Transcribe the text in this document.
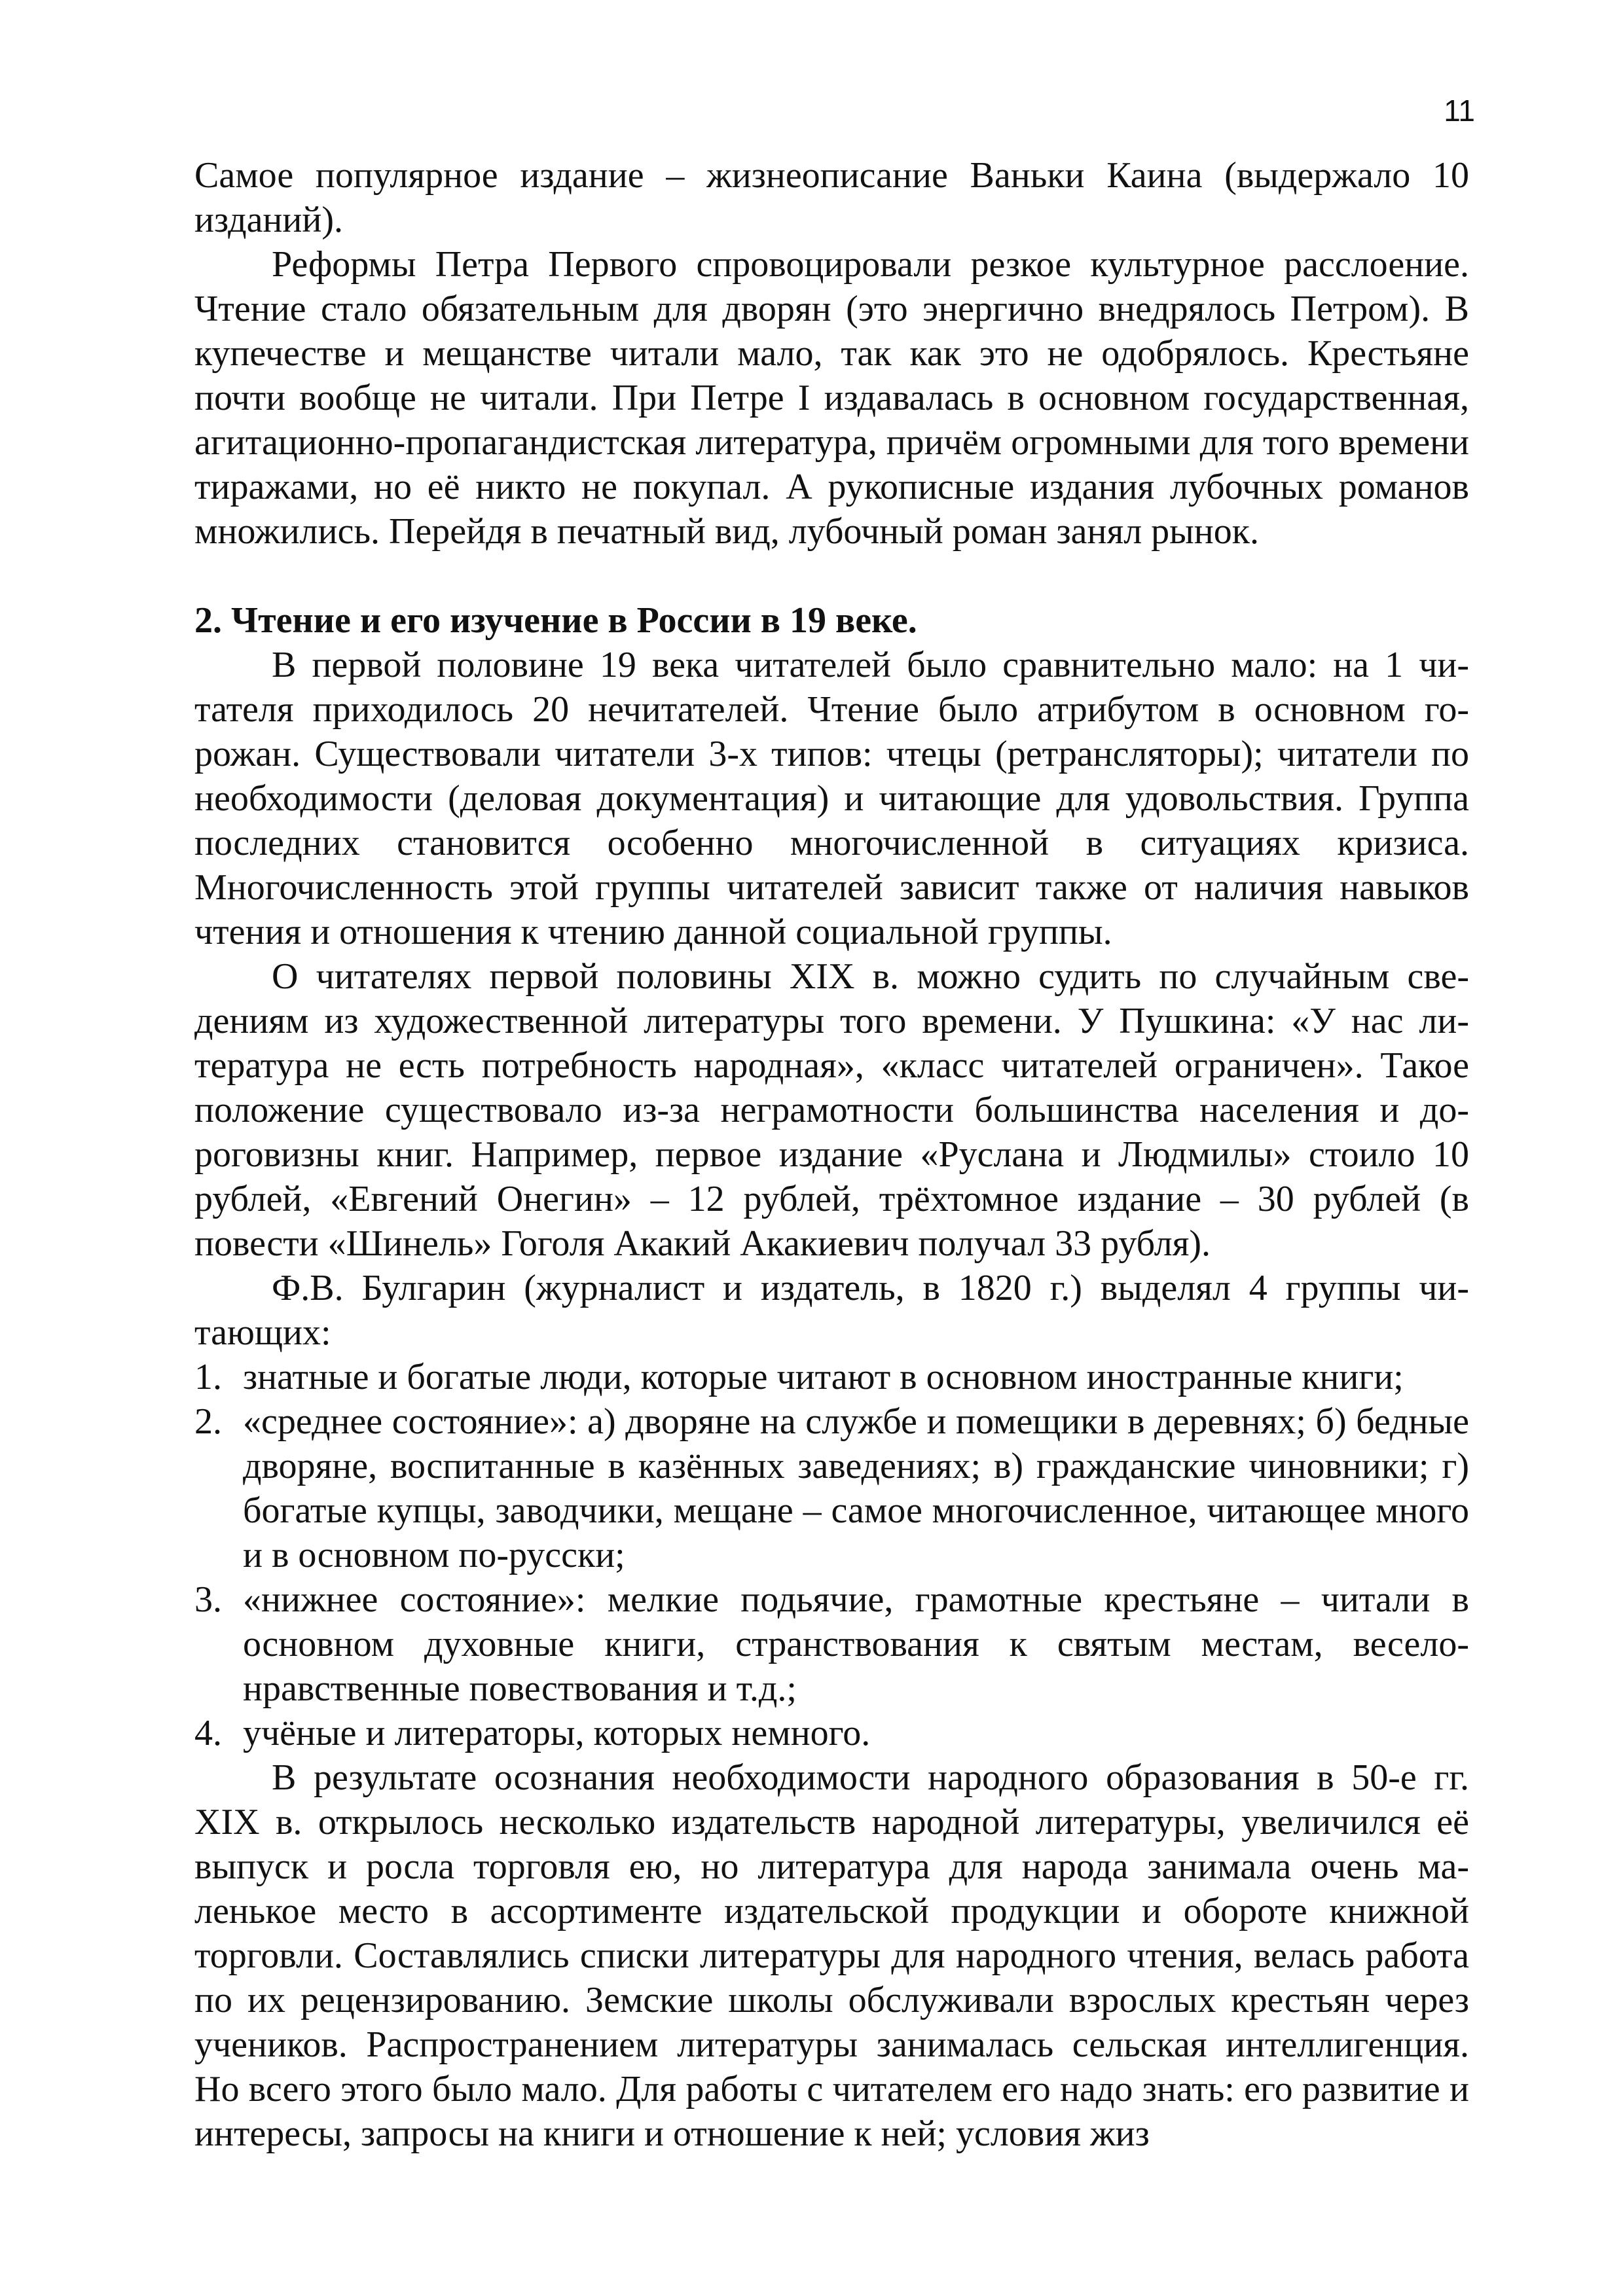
11

Самое популярное издание – жизнеописание Ваньки Каина (выдержало 10 изданий).

Реформы Петра Первого спровоцировали резкое культурное расслоение. Чтение стало обязательным для дворян (это энергично внедрялось Петром). В купечестве и мещанстве читали мало, так как это не одобрялось. Крестьяне почти вообще не читали. При Петре I издавалась в основном государственная, агитационно-пропагандистская литература, причём огромными для того времени тиражами, но её никто не покупал. А рукописные издания лубочных романов множились. Перейдя в печатный вид, лубочный роман занял рынок.

2. Чтение и его изучение в России в 19 веке.

В первой половине 19 века читателей было сравнительно мало: на 1 читателя приходилось 20 нечитателей. Чтение было атрибутом в основном горожан. Существовали читатели 3-х типов: чтецы (ретрансляторы); читатели по необходимости (деловая документация) и читающие для удовольствия. Группа последних становится особенно многочисленной в ситуациях кризиса. Многочисленность этой группы читателей зависит также от наличия навыков чтения и отношения к чтению данной социальной группы.

О читателях первой половины XIX в. можно судить по случайным сведениям из художественной литературы того времени. У Пушкина: «У нас литература не есть потребность народная», «класс читателей ограничен». Такое положение существовало из-за неграмотности большинства населения и дороговизны книг. Например, первое издание «Руслана и Людмилы» стоило 10 рублей, «Евгений Онегин» – 12 рублей, трёхтомное издание – 30 рублей (в повести «Шинель» Гоголя Акакий Акакиевич получал 33 рубля).

Ф.В. Булгарин (журналист и издатель, в 1820 г.) выделял 4 группы читающих:

1. знатные и богатые люди, которые читают в основном иностранные книги;
2. «среднее состояние»: а) дворяне на службе и помещики в деревнях; б) бедные дворяне, воспитанные в казённых заведениях; в) гражданские чиновники; г) богатые купцы, заводчики, мещане – самое многочисленное, читающее много и в основном по-русски;
3. «нижнее состояние»: мелкие подьячие, грамотные крестьяне – читали в основном духовные книги, странствования к святым местам, веселонравственные повествования и т.д.;
4. учёные и литераторы, которых немного.

В результате осознания необходимости народного образования в 50-е гг. XIX в. открылось несколько издательств народной литературы, увеличился её выпуск и росла торговля ею, но литература для народа занимала очень маленькое место в ассортименте издательской продукции и обороте книжной торговли. Составлялись списки литературы для народного чтения, велась работа по их рецензированию. Земские школы обслуживали взрослых крестьян через учеников. Распространением литературы занималась сельская интеллигенция. Но всего этого было мало. Для работы с читателем его надо знать: его развитие и интересы, запросы на книги и отношение к ней; условия жиз
